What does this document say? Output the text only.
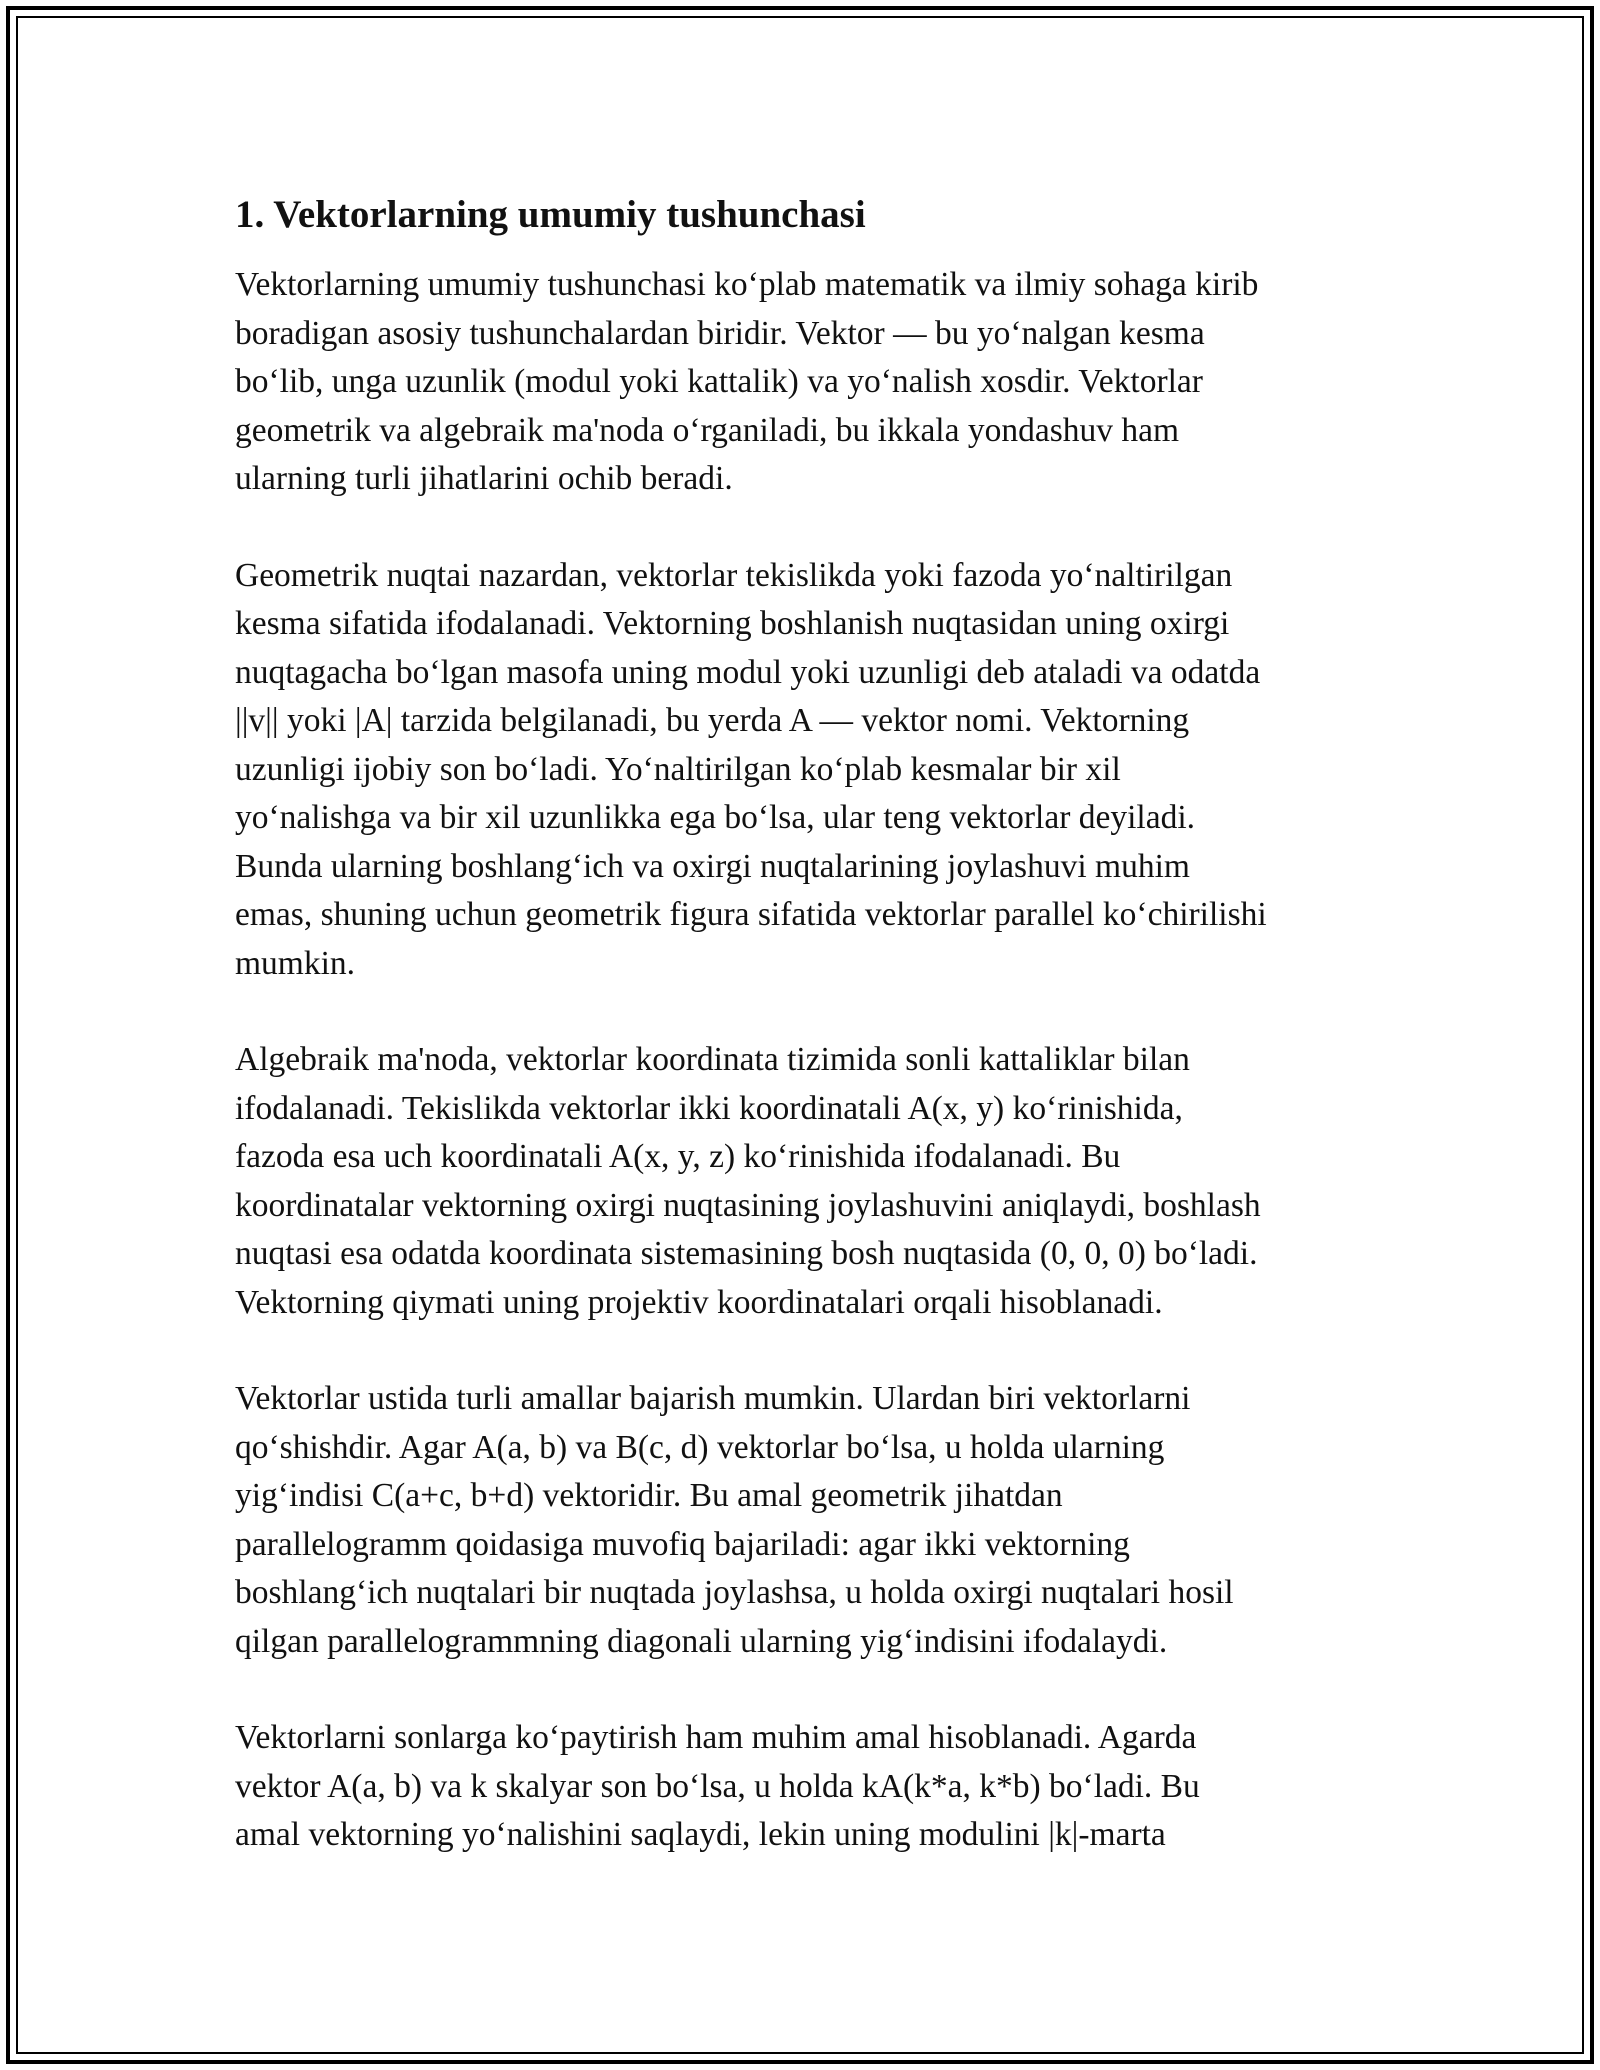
1. Vektorlarning umumiy tushunchasi

Vektorlarning umumiy tushunchasi ko‘plab matematik va ilmiy sohaga kirib
boradigan asosiy tushunchalardan biridir. Vektor — bu yo‘nalgan kesma
bo‘lib, unga uzunlik (modul yoki kattalik) va yo‘nalish xosdir. Vektorlar
geometrik va algebraik ma'noda o‘rganiladi, bu ikkala yondashuv ham
ularning turli jihatlarini ochib beradi.

Geometrik nuqtai nazardan, vektorlar tekislikda yoki fazoda yo‘naltirilgan
kesma sifatida ifodalanadi. Vektorning boshlanish nuqtasidan uning oxirgi
nuqtagacha bo‘lgan masofa uning modul yoki uzunligi deb ataladi va odatda
||v|| yoki |A| tarzida belgilanadi, bu yerda A — vektor nomi. Vektorning
uzunligi ijobiy son bo‘ladi. Yo‘naltirilgan ko‘plab kesmalar bir xil
yo‘nalishga va bir xil uzunlikka ega bo‘lsa, ular teng vektorlar deyiladi.
Bunda ularning boshlang‘ich va oxirgi nuqtalarining joylashuvi muhim
emas, shuning uchun geometrik figura sifatida vektorlar parallel ko‘chirilishi
mumkin.

Algebraik ma'noda, vektorlar koordinata tizimida sonli kattaliklar bilan
ifodalanadi. Tekislikda vektorlar ikki koordinatali A(x, y) ko‘rinishida,
fazoda esa uch koordinatali A(x, y, z) ko‘rinishida ifodalanadi. Bu
koordinatalar vektorning oxirgi nuqtasining joylashuvini aniqlaydi, boshlash
nuqtasi esa odatda koordinata sistemasining bosh nuqtasida (0, 0, 0) bo‘ladi.
Vektorning qiymati uning projektiv koordinatalari orqali hisoblanadi.

Vektorlar ustida turli amallar bajarish mumkin. Ulardan biri vektorlarni
qo‘shishdir. Agar A(a, b) va B(c, d) vektorlar bo‘lsa, u holda ularning
yig‘indisi C(a+c, b+d) vektoridir. Bu amal geometrik jihatdan
parallelogramm qoidasiga muvofiq bajariladi: agar ikki vektorning
boshlang‘ich nuqtalari bir nuqtada joylashsa, u holda oxirgi nuqtalari hosil
qilgan parallelogrammning diagonali ularning yig‘indisini ifodalaydi.

Vektorlarni sonlarga ko‘paytirish ham muhim amal hisoblanadi. Agarda
vektor A(a, b) va k skalyar son bo‘lsa, u holda kA(k*a, k*b) bo‘ladi. Bu
amal vektorning yo‘nalishini saqlaydi, lekin uning modulini |k|-marta
